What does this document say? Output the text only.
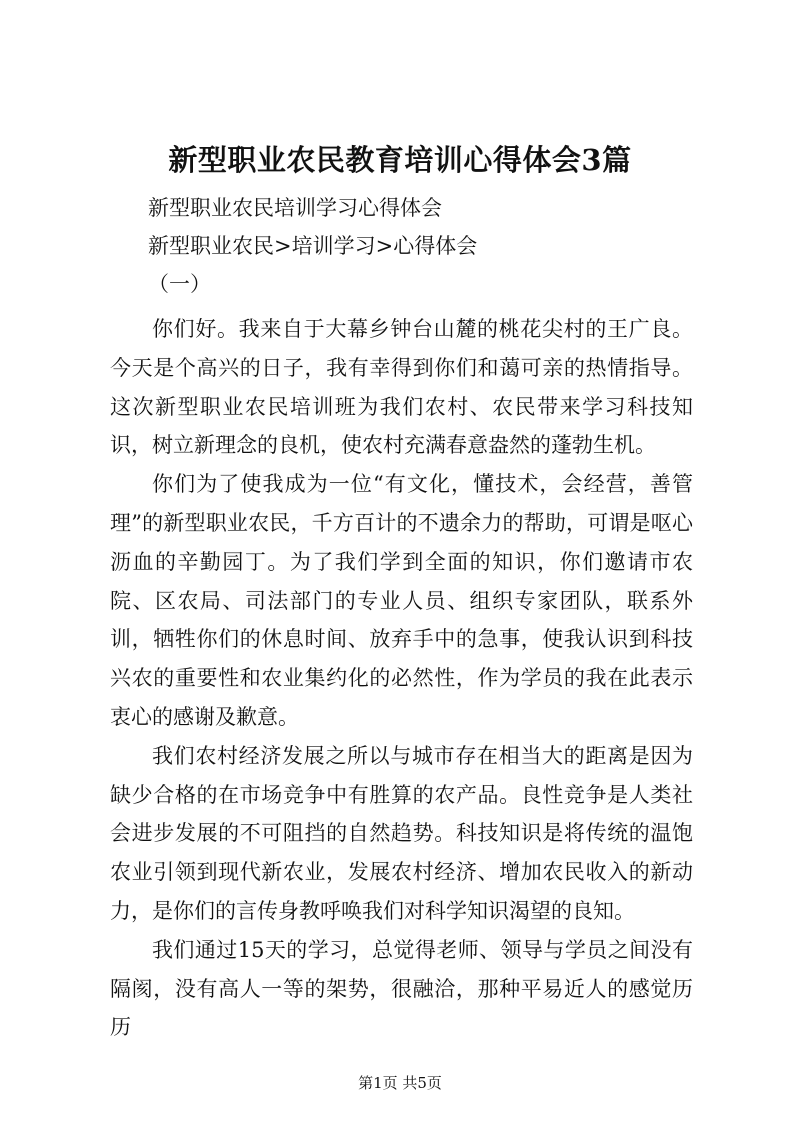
新型职业农民教育培训心得体会3篇
新型职业农民培训学习心得体会
新型职业农民>培训学习>心得体会
（一）

你们好。我来自于大幕乡钟台山麓的桃花尖村的王广良。今天是个高兴的日子，我有幸得到你们和蔼可亲的热情指导。这次新型职业农民培训班为我们农村、农民带来学习科技知识，树立新理念的良机，使农村充满春意盎然的蓬勃生机。

你们为了使我成为一位“有文化，懂技术，会经营，善管理”的新型职业农民，千方百计的不遗余力的帮助，可谓是呕心沥血的辛勤园丁。为了我们学到全面的知识，你们邀请市农院、区农局、司法部门的专业人员、组织专家团队，联系外训，牺牲你们的休息时间、放弃手中的急事，使我认识到科技兴农的重要性和农业集约化的必然性，作为学员的我在此表示衷心的感谢及歉意。

我们农村经济发展之所以与城市存在相当大的距离是因为缺少合格的在市场竞争中有胜算的农产品。良性竞争是人类社会进步发展的不可阻挡的自然趋势。科技知识是将传统的温饱农业引领到现代新农业，发展农村经济、增加农民收入的新动力，是你们的言传身教呼唤我们对科学知识渴望的良知。

我们通过15天的学习，总觉得老师、领导与学员之间没有隔阂，没有高人一等的架势，很融洽，那种平易近人的感觉历历

第1页 共5页
